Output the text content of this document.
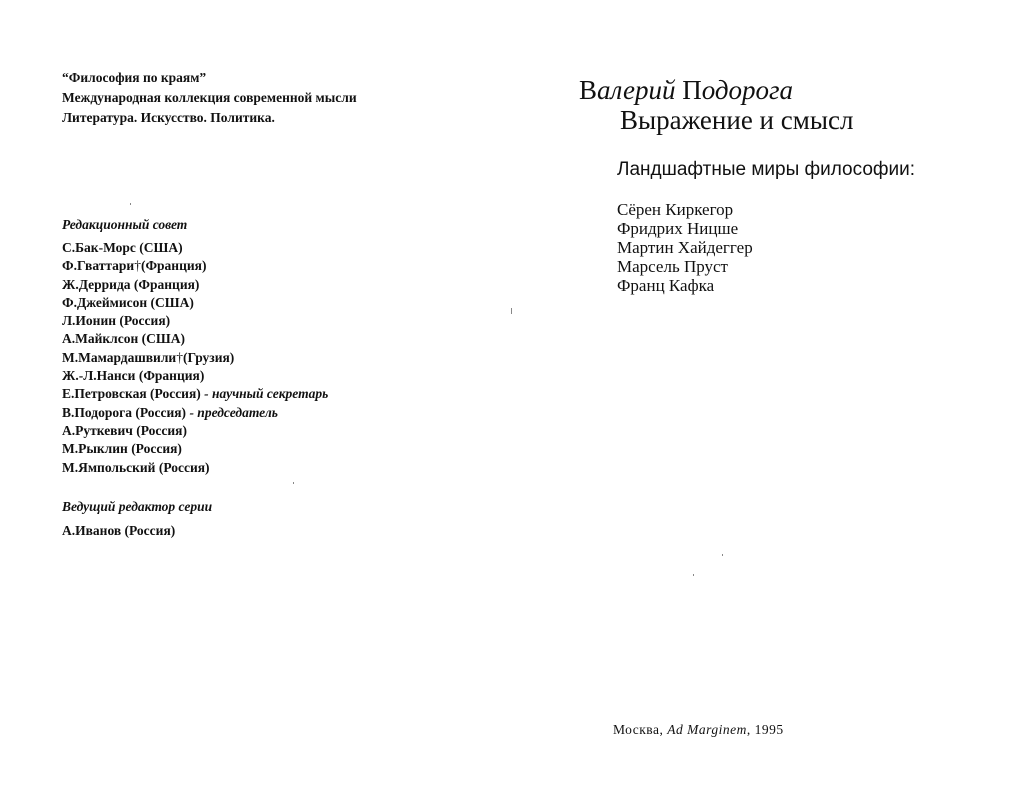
“Философия по краям”
Международная коллекция современной мысли
Литература. Искусство. Политика.
Редакционный совет
С.Бак-Морс (США)
Ф.Гваттари†(Франция)
Ж.Деррида (Франция)
Ф.Джеймисон (США)
Л.Ионин (Россия)
А.Майклсон (США)
М.Мамардашвили†(Грузия)
Ж.-Л.Нанси (Франция)
Е.Петровская (Россия) - научный секретарь
В.Подорога (Россия) - председатель
А.Руткевич (Россия)
М.Рыклин (Россия)
М.Ямпольский (Россия)
Ведущий редактор серии
А.Иванов (Россия)
Валерий Подорога
Выражение и смысл
Ландшафтные миры философии:
Сёрен Киркегор
Фридрих Ницше
Мартин Хайдеггер
Марсель Пруст
Франц Кафка
Москва, Ad Marginem, 1995
